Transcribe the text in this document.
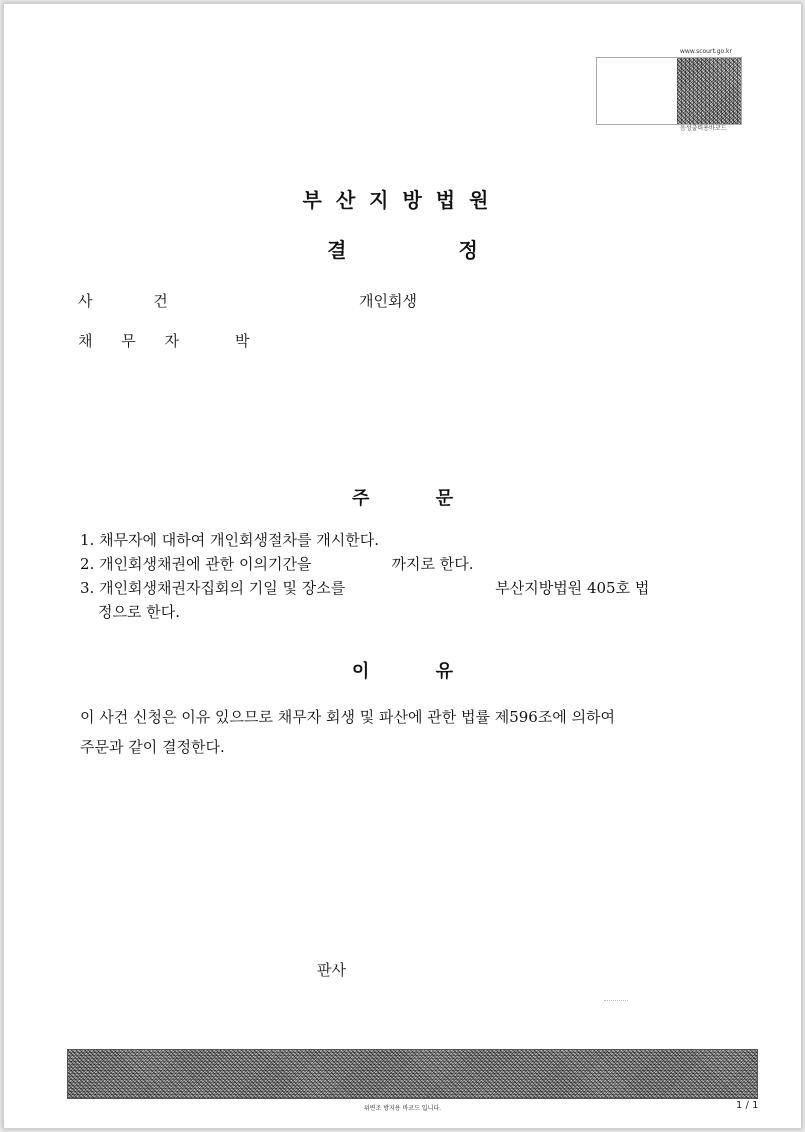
www.scourt.go.kr
음성출력용바코드
부산지방법원
결정
사 건	개인회생
채 무 자	박
주 문
1. 채무자에 대하여 개인회생절차를 개시한다.
2. 개인회생채권에 관한 이의기간을	까지로 한다.
3. 개인회생채권자집회의 기일 및 장소를	부산지방법원 405호 법
정으로 한다.
이 유
이 사건 신청은 이유 있으므로 채무자 회생 및 파산에 관한 법률 제596조에 의하여
주문과 같이 결정한다.
판사
위변조 방지용 바코드 입니다.	1 / 1
